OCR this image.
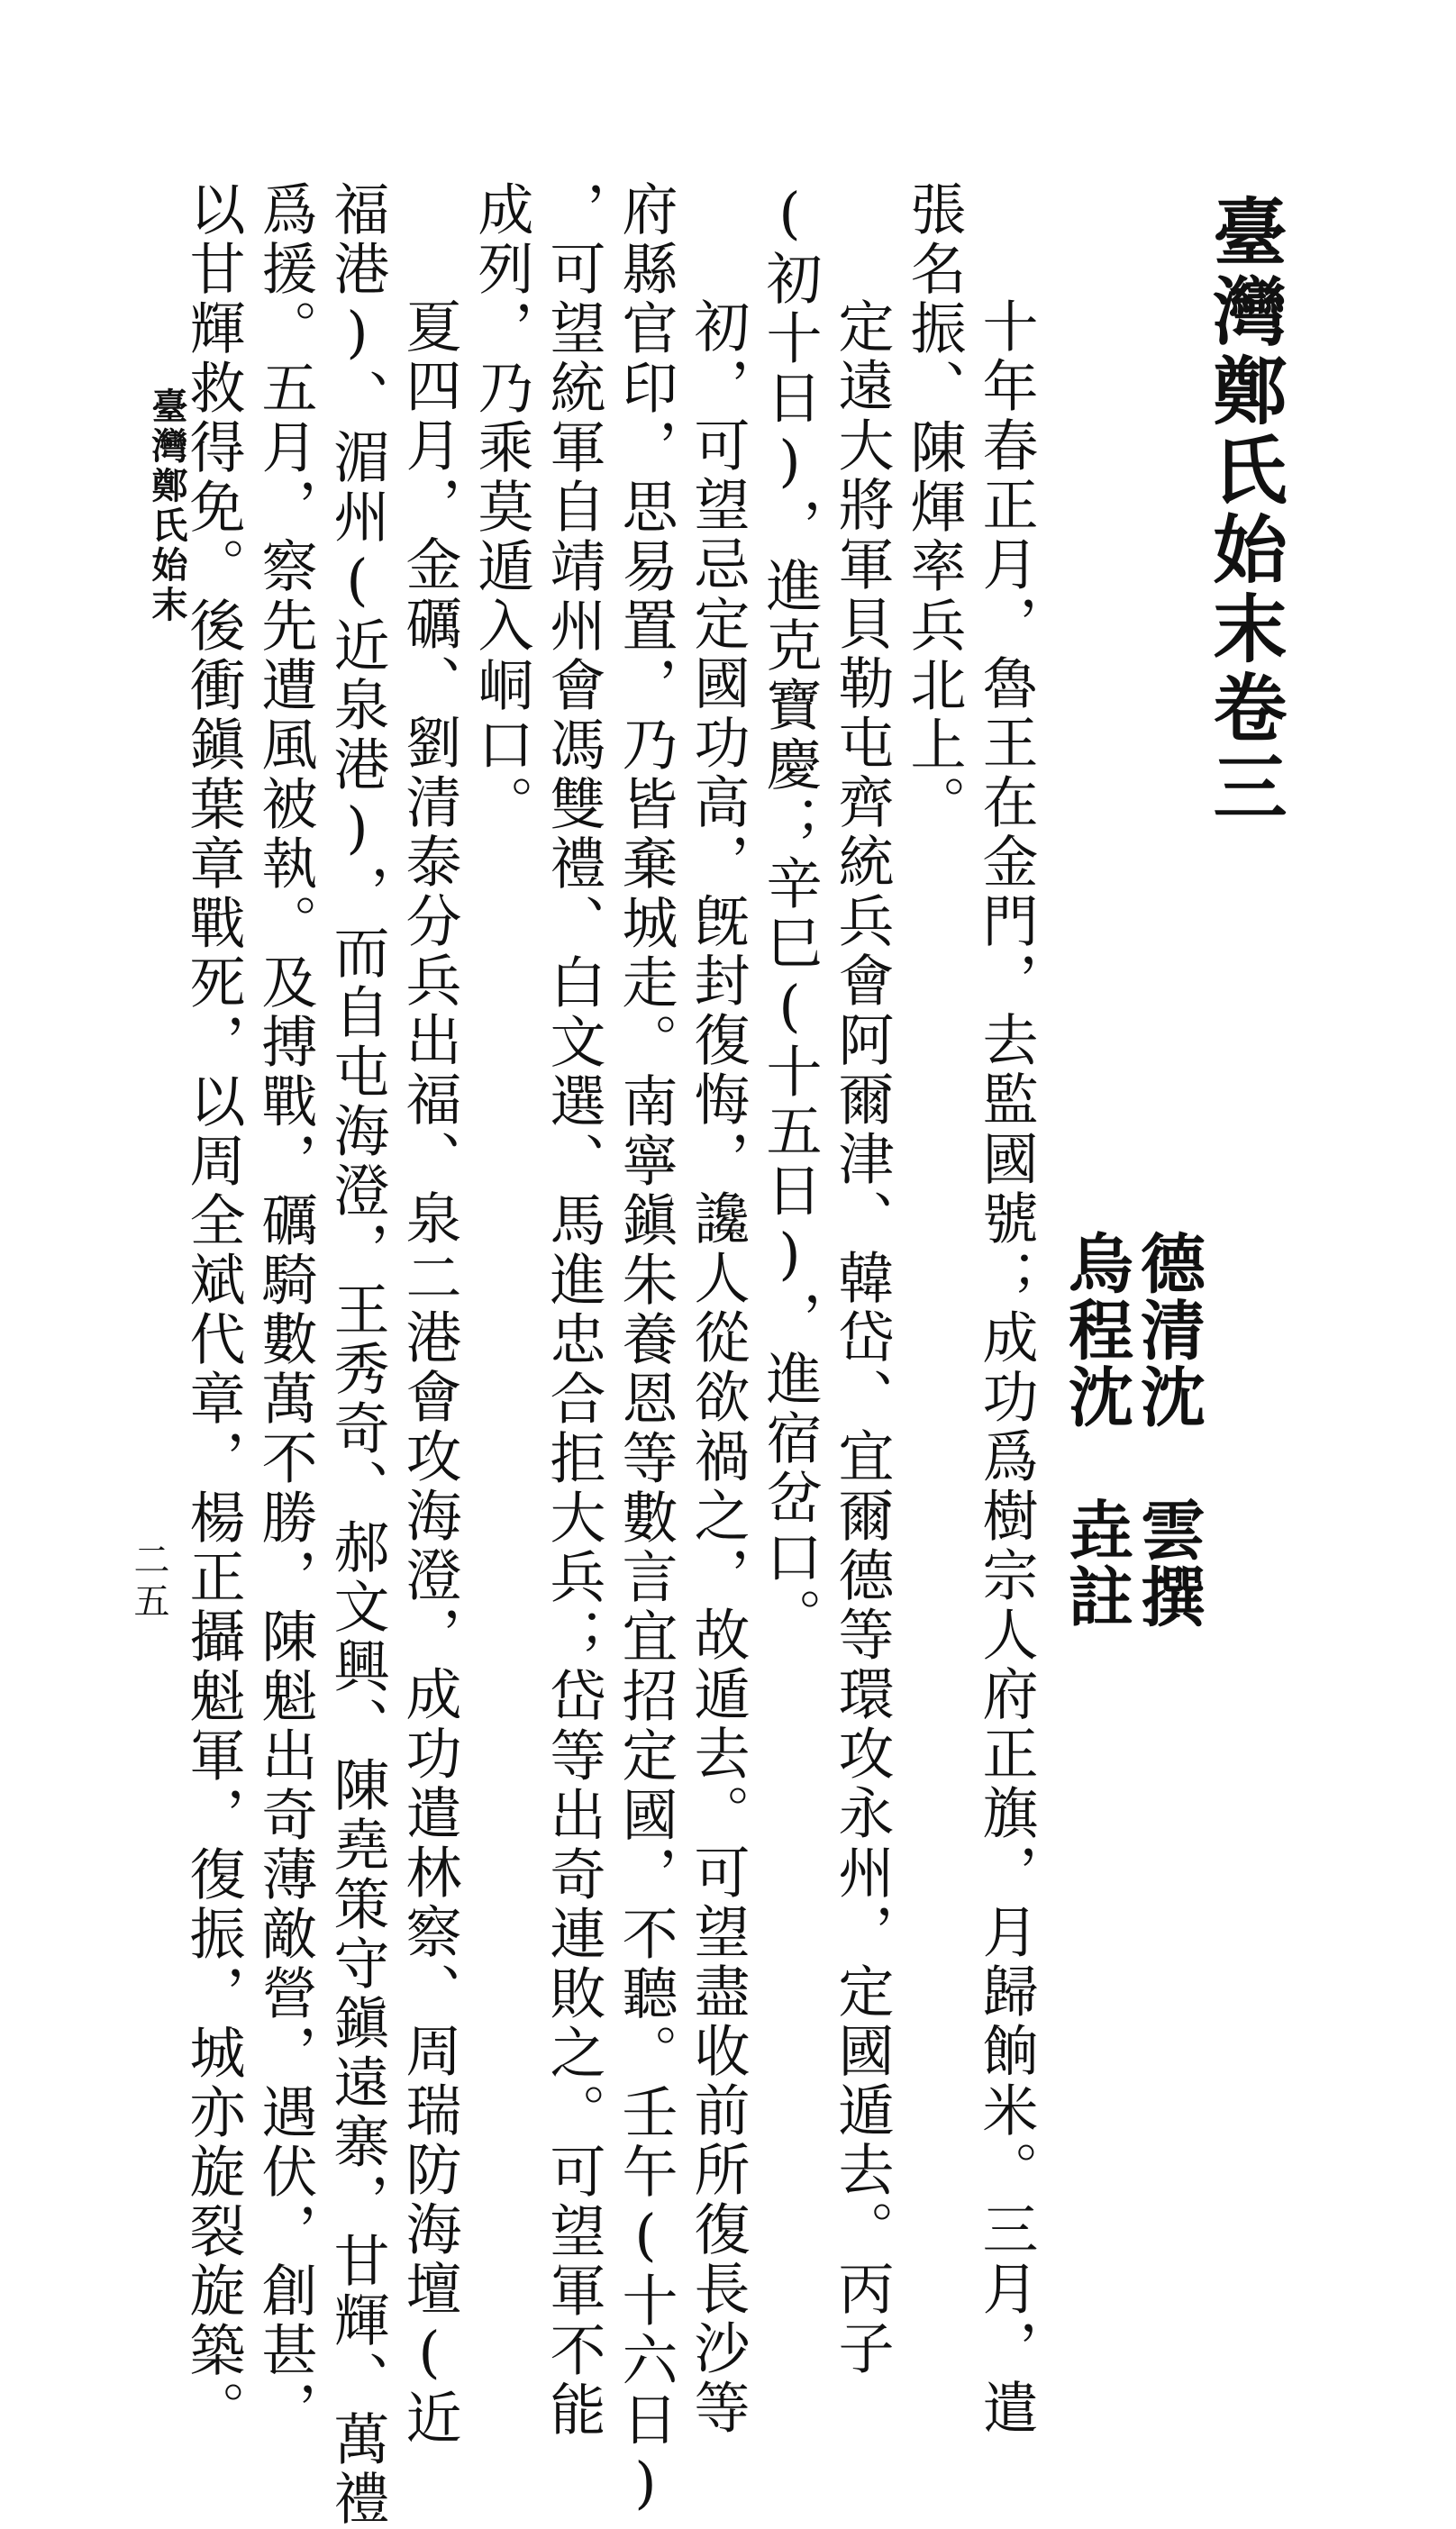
臺灣鄭氏始末卷三
德清沈　雲撰
烏程沈　垚註
十年春正月，魯王在金門，去監國號；成功爲樹宗人府正旗，月歸餉米。三月，遣
張名振、陳煇率兵北上。
定遠大將軍貝勒屯齊統兵會阿爾津、韓岱、宜爾德等環攻永州，定國遁去。丙子
(初十日)，進克寶慶；辛巳(十五日)，進宿岔口。
初，可望忌定國功高，旣封復悔，讒人從欲禍之，故遁去。可望盡收前所復長沙等
府縣官印，思易置，乃皆棄城走。南寧鎭朱養恩等數言宜招定國，不聽。壬午(十六日)
，可望統軍自靖州會馮雙禮、白文選、馬進忠合拒大兵；岱等出奇連敗之。可望軍不能
成列，乃乘莫遁入峒口。
夏四月，金礪、劉清泰分兵出福、泉二港會攻海澄，成功遣林察、周瑞防海壇(近
福港)、湄州(近泉港)，而自屯海澄，王秀奇、郝文興、陳堯策守鎭遠寨，甘輝、萬禮
爲援。五月，察先遭風被執。及搏戰，礪騎數萬不勝，陳魁出奇薄敵營，遇伏，創甚，
以甘輝救得免。後衝鎭葉章戰死，以周全斌代章，楊正攝魁軍，復振，城亦旋裂旋築。
臺灣鄭氏始末
二五
